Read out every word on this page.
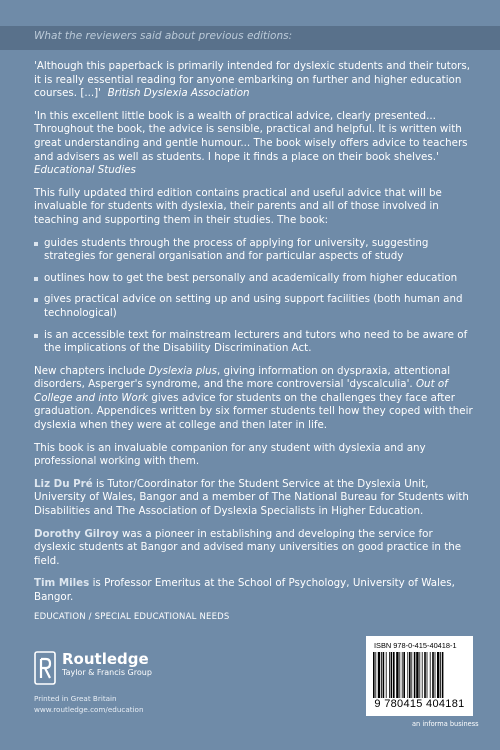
What the reviewers said about previous editions:

'Although this paperback is primarily intended for dyslexic students and their tutors, it is really essential reading for anyone embarking on further and higher education courses. [...]' British Dyslexia Association

'In this excellent little book is a wealth of practical advice, clearly presented... Throughout the book, the advice is sensible, practical and helpful. It is written with great understanding and gentle humour... The book wisely offers advice to teachers and advisers as well as students. I hope it finds a place on their book shelves.'  Educational Studies

This fully updated third edition contains practical and useful advice that will be invaluable for students with dyslexia, their parents and all of those involved in teaching and supporting them in their studies. The book:

guides students through the process of applying for university, suggesting strategies for general organisation and for particular aspects of study
outlines how to get the best personally and academically from higher education
gives practical advice on setting up and using support facilities (both human and technological)
is an accessible text for mainstream lecturers and tutors who need to be aware of the implications of the Disability Discrimination Act.

New chapters include Dyslexia plus, giving information on dyspraxia, attentional disorders, Asperger's syndrome, and the more controversial 'dyscalculia'. Out of College and into Work gives advice for students on the challenges they face after graduation. Appendices written by six former students tell how they coped with their dyslexia when they were at college and then later in life.

This book is an invaluable companion for any student with dyslexia and any professional working with them.

Liz Du Pré is Tutor/Coordinator for the Student Service at the Dyslexia Unit, University of Wales, Bangor and a member of The National Bureau for Students with Disabilities and The Association of Dyslexia Specialists in Higher Education.

Dorothy Gilroy was a pioneer in establishing and developing the service for dyslexic students at Bangor and advised many universities on good practice in the field.

Tim Miles is Professor Emeritus at the School of Psychology, University of Wales, Bangor.

EDUCATION / SPECIAL EDUCATIONAL NEEDS
Routledge
Taylor & Francis Group
Printed in Great Britain
www.routledge.com/education
ISBN 978-0-415-40418-1
9 780415 404181
an informa business
